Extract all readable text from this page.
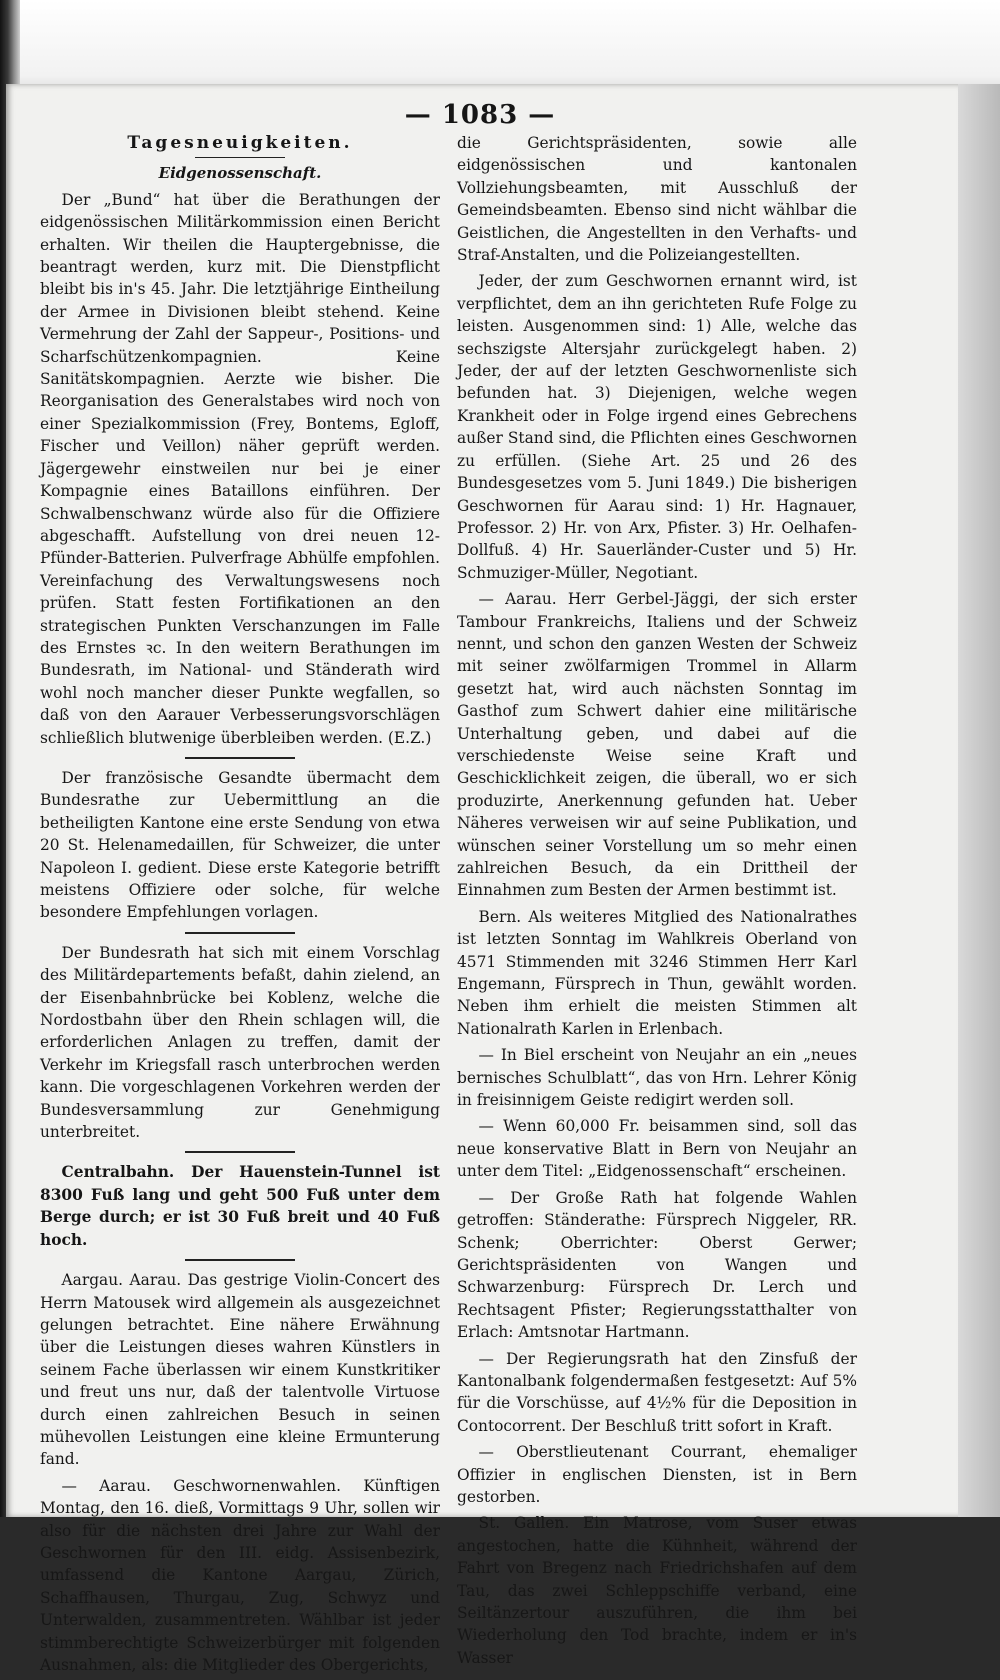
— 1083 —
Tagesneuigkeiten.
Eidgenossenschaft.

Der „Bund“ hat über die Berathungen der eidgenössischen Militärkommission einen Bericht erhalten. Wir theilen die Hauptergebnisse, die beantragt werden, kurz mit. Die Dienstpflicht bleibt bis in's 45. Jahr. Die letztjährige Eintheilung der Armee in Divisionen bleibt stehend. Keine Vermehrung der Zahl der Sappeur-, Positions- und Scharfschützenkompagnien. Keine Sanitätskompagnien. Aerzte wie bisher. Die Reorganisation des Generalstabes wird noch von einer Spezialkommission (Frey, Bontems, Egloff, Fischer und Veillon) näher geprüft werden. Jägergewehr einstweilen nur bei je einer Kompagnie eines Bataillons einführen. Der Schwalbenschwanz würde also für die Offiziere abgeschafft. Aufstellung von drei neuen 12-Pfünder-Batterien. Pulverfrage Abhülfe empfohlen. Vereinfachung des Verwaltungswesens noch prüfen. Statt festen Fortifikationen an den strategischen Punkten Verschanzungen im Falle des Ernstes ꝛc. In den weitern Berathungen im Bundesrath, im National- und Ständerath wird wohl noch mancher dieser Punkte wegfallen, so daß von den Aarauer Verbesserungsvorschlägen schließlich blutwenige überbleiben werden. (E.Z.)

Der französische Gesandte übermacht dem Bundesrathe zur Uebermittlung an die betheiligten Kantone eine erste Sendung von etwa 20 St. Helenamedaillen, für Schweizer, die unter Napoleon I. gedient. Diese erste Kategorie betrifft meistens Offiziere oder solche, für welche besondere Empfehlungen vorlagen.

Der Bundesrath hat sich mit einem Vorschlag des Militärdepartements befaßt, dahin zielend, an der Eisenbahnbrücke bei Koblenz, welche die Nordostbahn über den Rhein schlagen will, die erforderlichen Anlagen zu treffen, damit der Verkehr im Kriegsfall rasch unterbrochen werden kann. Die vorgeschlagenen Vorkehren werden der Bundesversammlung zur Genehmigung unterbreitet.

Centralbahn. Der Hauenstein-Tunnel ist 8300 Fuß lang und geht 500 Fuß unter dem Berge durch; er ist 30 Fuß breit und 40 Fuß hoch.

Aargau. Aarau. Das gestrige Violin-Concert des Herrn Matousek wird allgemein als ausgezeichnet gelungen betrachtet. Eine nähere Erwähnung über die Leistungen dieses wahren Künstlers in seinem Fache überlassen wir einem Kunstkritiker und freut uns nur, daß der talentvolle Virtuose durch einen zahlreichen Besuch in seinen mühevollen Leistungen eine kleine Ermunterung fand.

— Aarau. Geschwornenwahlen. Künftigen Montag, den 16. dieß, Vormittags 9 Uhr, sollen wir also für die nächsten drei Jahre zur Wahl der Geschwornen für den III. eidg. Assisenbezirk, umfassend die Kantone Aargau, Zürich, Schaffhausen, Thurgau, Zug, Schwyz und Unterwalden, zusammentreten. Wählbar ist jeder stimmberechtigte Schweizerbürger mit folgenden Ausnahmen, als: die Mitglieder des Obergerichts,

die Gerichtspräsidenten, sowie alle eidgenössischen und kantonalen Vollziehungsbeamten, mit Ausschluß der Gemeindsbeamten. Ebenso sind nicht wählbar die Geistlichen, die Angestellten in den Verhafts- und Straf-Anstalten, und die Polizeiangestellten.

Jeder, der zum Geschwornen ernannt wird, ist verpflichtet, dem an ihn gerichteten Rufe Folge zu leisten. Ausgenommen sind: 1) Alle, welche das sechszigste Altersjahr zurückgelegt haben. 2) Jeder, der auf der letzten Geschwornenliste sich befunden hat. 3) Diejenigen, welche wegen Krankheit oder in Folge irgend eines Gebrechens außer Stand sind, die Pflichten eines Geschwornen zu erfüllen. (Siehe Art. 25 und 26 des Bundesgesetzes vom 5. Juni 1849.) Die bisherigen Geschwornen für Aarau sind: 1) Hr. Hagnauer, Professor. 2) Hr. von Arx, Pfister. 3) Hr. Oelhafen-Dollfuß. 4) Hr. Sauerländer-Custer und 5) Hr. Schmuziger-Müller, Negotiant.

— Aarau. Herr Gerbel-Jäggi, der sich erster Tambour Frankreichs, Italiens und der Schweiz nennt, und schon den ganzen Westen der Schweiz mit seiner zwölfarmigen Trommel in Allarm gesetzt hat, wird auch nächsten Sonntag im Gasthof zum Schwert dahier eine militärische Unterhaltung geben, und dabei auf die verschiedenste Weise seine Kraft und Geschicklichkeit zeigen, die überall, wo er sich produzirte, Anerkennung gefunden hat. Ueber Näheres verweisen wir auf seine Publikation, und wünschen seiner Vorstellung um so mehr einen zahlreichen Besuch, da ein Drittheil der Einnahmen zum Besten der Armen bestimmt ist.

Bern. Als weiteres Mitglied des Nationalrathes ist letzten Sonntag im Wahlkreis Oberland von 4571 Stimmenden mit 3246 Stimmen Herr Karl Engemann, Fürsprech in Thun, gewählt worden. Neben ihm erhielt die meisten Stimmen alt Nationalrath Karlen in Erlenbach.

— In Biel erscheint von Neujahr an ein „neues bernisches Schulblatt“, das von Hrn. Lehrer König in freisinnigem Geiste redigirt werden soll.

— Wenn 60,000 Fr. beisammen sind, soll das neue konservative Blatt in Bern von Neujahr an unter dem Titel: „Eidgenossenschaft“ erscheinen.

— Der Große Rath hat folgende Wahlen getroffen: Ständerathe: Fürsprech Niggeler, RR. Schenk; Oberrichter: Oberst Gerwer; Gerichtspräsidenten von Wangen und Schwarzenburg: Fürsprech Dr. Lerch und Rechtsagent Pfister; Regierungsstatthalter von Erlach: Amtsnotar Hartmann.

— Der Regierungsrath hat den Zinsfuß der Kantonalbank folgendermaßen festgesetzt: Auf 5% für die Vorschüsse, auf 4½% für die Deposition in Contocorrent. Der Beschluß tritt sofort in Kraft.

— Oberstlieutenant Courrant, ehemaliger Offizier in englischen Diensten, ist in Bern gestorben.

St. Gallen. Ein Matrose, vom Suser etwas angestochen, hatte die Kühnheit, während der Fahrt von Bregenz nach Friedrichshafen auf dem Tau, das zwei Schleppschiffe verband, eine Seiltänzertour auszuführen, die ihm bei Wiederholung den Tod brachte, indem er in's Wasser
